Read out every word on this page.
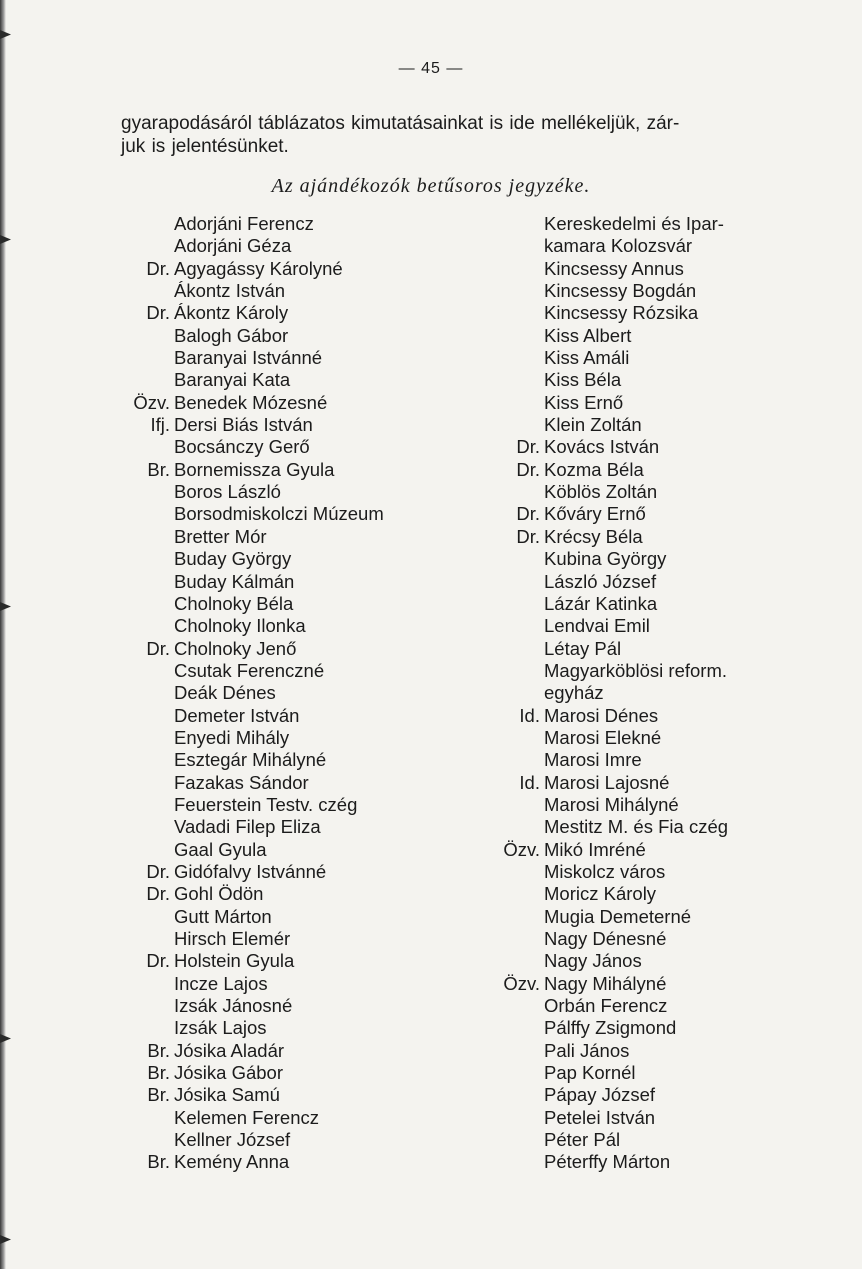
— 45 —
gyarapodásáról táblázatos kimutatásainkat is ide mellékeljük, zár-
juk is jelentésünket.
Az ajándékozók betűsoros jegyzéke.
Adorjáni Ferencz
Adorjáni Géza
Dr. Agyagássy Károlyné
Ákontz István
Dr. Ákontz Károly
Balogh Gábor
Baranyai Istvánné
Baranyai Kata
Özv. Benedek Mózesné
Ifj. Dersi Biás István
Bocsánczy Gerő
Br. Bornemissza Gyula
Boros László
Borsodmiskolczi Múzeum
Bretter Mór
Buday György
Buday Kálmán
Cholnoky Béla
Cholnoky Ilonka
Dr. Cholnoky Jenő
Csutak Ferenczné
Deák Dénes
Demeter István
Enyedi Mihály
Esztegár Mihályné
Fazakas Sándor
Feuerstein Testv. czég
Vadadi Filep Eliza
Gaal Gyula
Dr. Gidófalvy Istvánné
Dr. Gohl Ödön
Gutt Márton
Hirsch Elemér
Dr. Holstein Gyula
Incze Lajos
Izsák Jánosné
Izsák Lajos
Br. Jósika Aladár
Br. Jósika Gábor
Br. Jósika Samú
Kelemen Ferencz
Kellner József
Br. Kemény Anna
Kereskedelmi és Ipar-
kamara Kolozsvár
Kincsessy Annus
Kincsessy Bogdán
Kincsessy Rózsika
Kiss Albert
Kiss Amáli
Kiss Béla
Kiss Ernő
Klein Zoltán
Dr. Kovács István
Dr. Kozma Béla
Köblös Zoltán
Dr. Kőváry Ernő
Dr. Krécsy Béla
Kubina György
László József
Lázár Katinka
Lendvai Emil
Létay Pál
Magyarköblösi reform.
egyház
Id. Marosi Dénes
Marosi Elekné
Marosi Imre
Id. Marosi Lajosné
Marosi Mihályné
Mestitz M. és Fia czég
Özv. Mikó Imréné
Miskolcz város
Moricz Károly
Mugia Demeterné
Nagy Dénesné
Nagy János
Özv. Nagy Mihályné
Orbán Ferencz
Pálffy Zsigmond
Pali János
Pap Kornél
Pápay József
Petelei István
Péter Pál
Péterffy Márton
